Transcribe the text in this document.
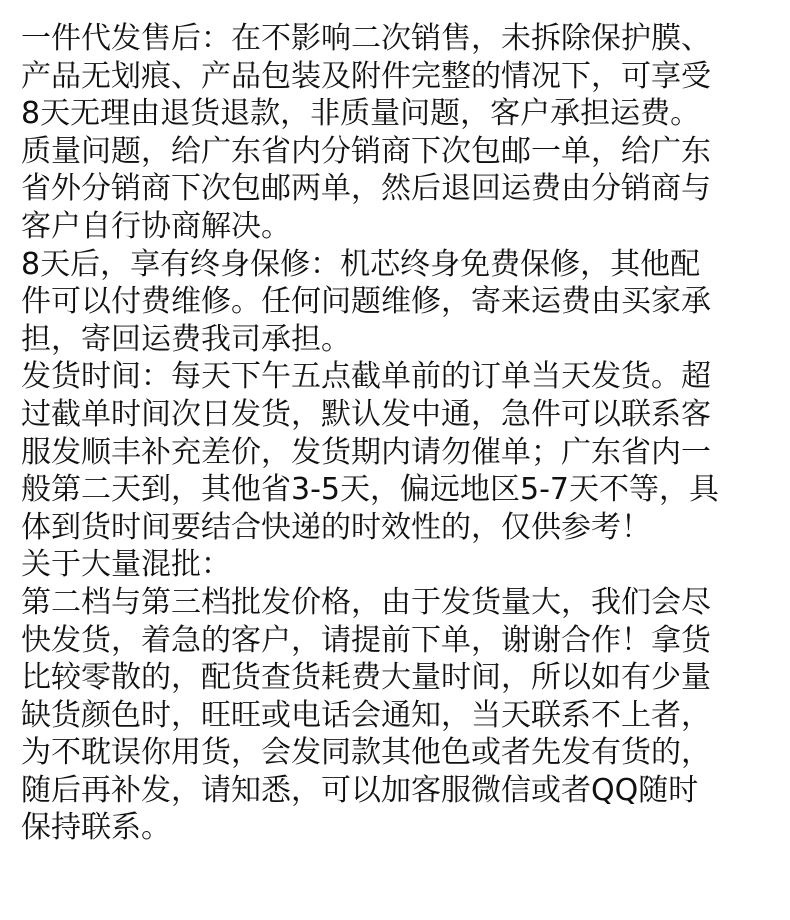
一件代发售后：在不影响二次销售，未拆除保护膜、
产品无划痕、产品包装及附件完整的情况下，可享受
8天无理由退货退款，非质量问题，客户承担运费。
质量问题，给广东省内分销商下次包邮一单，给广东
省外分销商下次包邮两单，然后退回运费由分销商与
客户自行协商解决。
8天后，享有终身保修：机芯终身免费保修，其他配
件可以付费维修。任何问题维修，寄来运费由买家承
担，寄回运费我司承担。
发货时间：每天下午五点截单前的订单当天发货。超
过截单时间次日发货，默认发中通，急件可以联系客
服发顺丰补充差价，发货期内请勿催单；广东省内一
般第二天到，其他省3-5天，偏远地区5-7天不等，具
体到货时间要结合快递的时效性的，仅供参考！
关于大量混批：
第二档与第三档批发价格，由于发货量大，我们会尽
快发货，着急的客户，请提前下单，谢谢合作！拿货
比较零散的，配货查货耗费大量时间，所以如有少量
缺货颜色时，旺旺或电话会通知，当天联系不上者，
为不耽误你用货，会发同款其他色或者先发有货的，
随后再补发，请知悉，可以加客服微信或者QQ随时
保持联系。
